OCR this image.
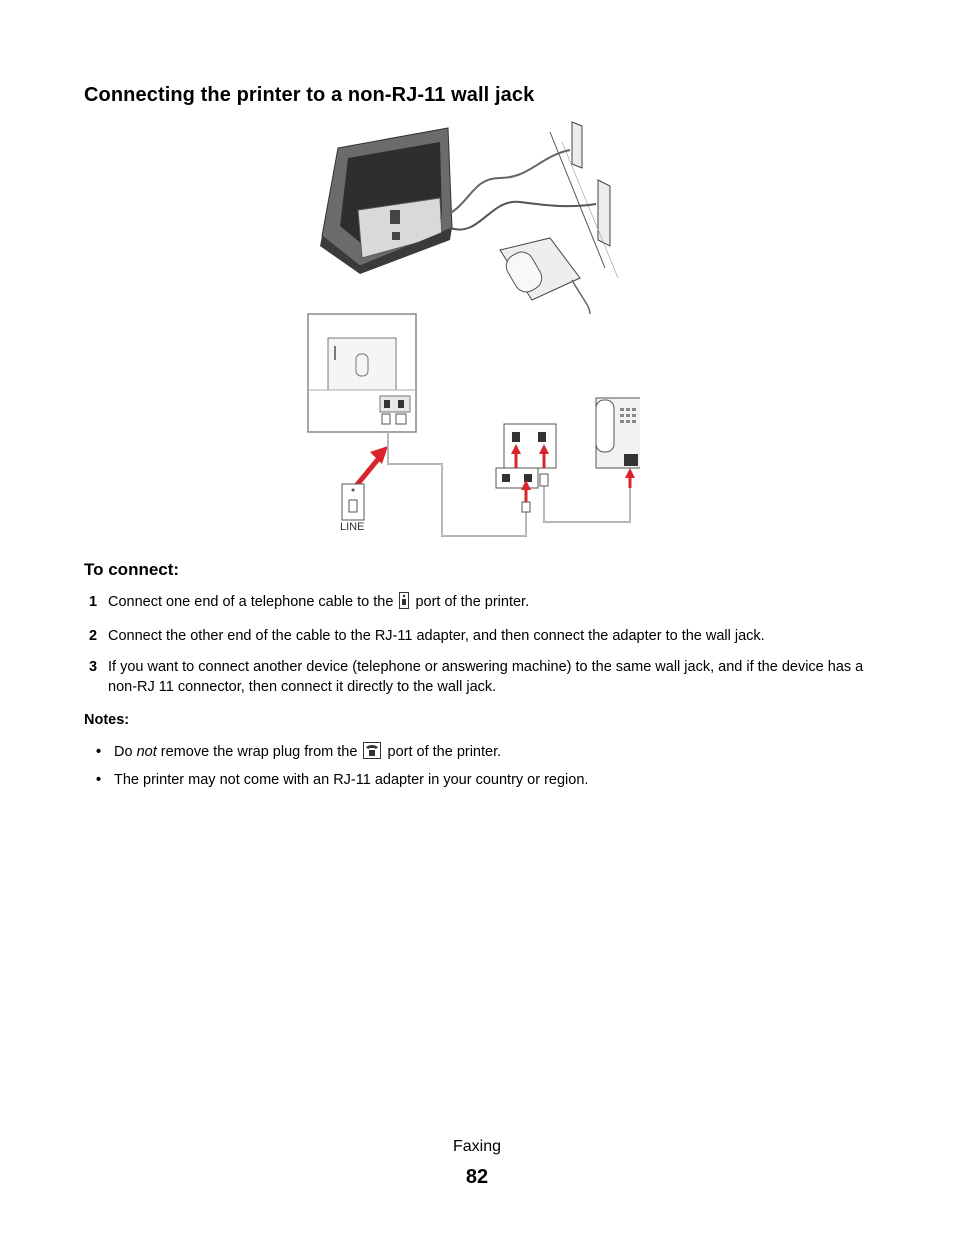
Connecting the printer to a non-RJ-11 wall jack
LINE
To connect:
1 Connect one end of a telephone cable to the port of the printer.
2 Connect the other end of the cable to the RJ-11 adapter, and then connect the adapter to the wall jack.
3 If you want to connect another device (telephone or answering machine) to the same wall jack, and if the device has a non-RJ 11 connector, then connect it directly to the wall jack.
Notes:
• Do not remove the wrap plug from the port of the printer.
• The printer may not come with an RJ-11 adapter in your country or region.
Faxing
82
